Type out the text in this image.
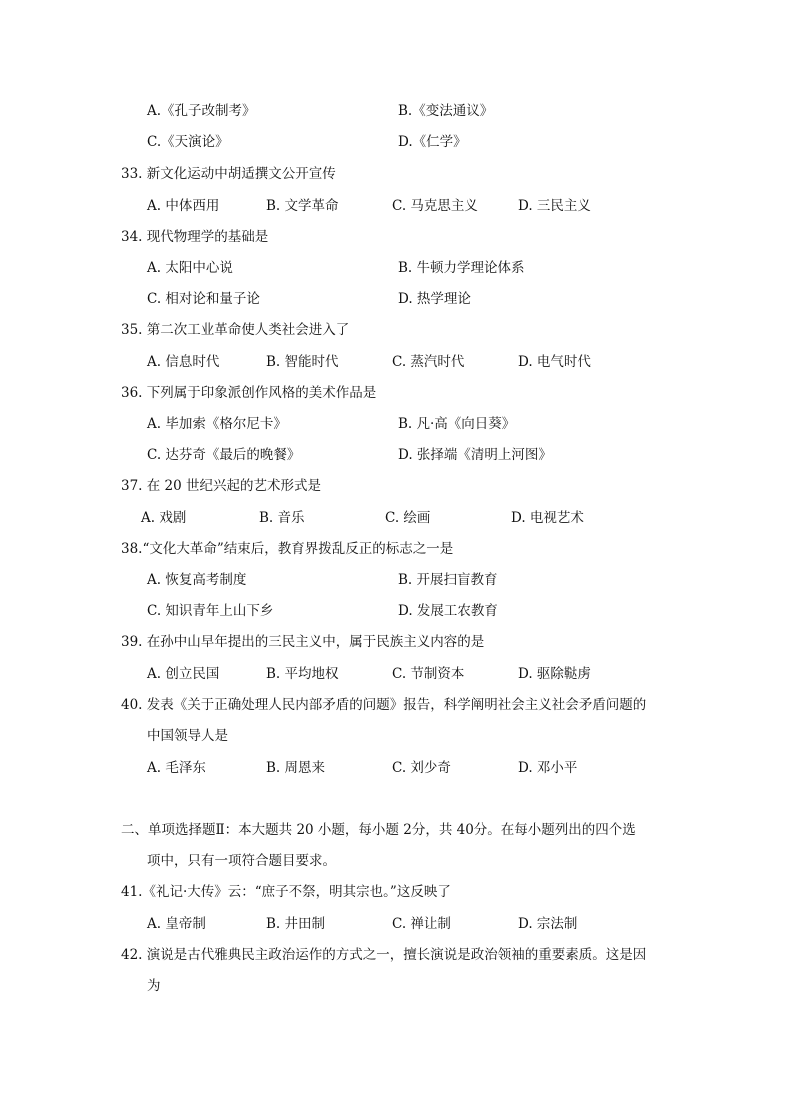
A.《孔子改制考》	B.《变法通议》
C.《天演论》	D.《仁学》
33. 新文化运动中胡适撰文公开宣传
A. 中体西用	B. 文学革命	C. 马克思主义	D. 三民主义
34. 现代物理学的基础是
A. 太阳中心说	B. 牛顿力学理论体系
C. 相对论和量子论	D. 热学理论
35. 第二次工业革命使人类社会进入了
A. 信息时代	B. 智能时代	C. 蒸汽时代	D. 电气时代
36. 下列属于印象派创作风格的美术作品是
A. 毕加索《格尔尼卡》	B. 凡·高《向日葵》
C. 达芬奇《最后的晚餐》	D. 张择端《清明上河图》
37. 在 20 世纪兴起的艺术形式是
A. 戏剧	B. 音乐	C. 绘画	D. 电视艺术
38.“文化大革命”结束后，教育界拨乱反正的标志之一是
A. 恢复高考制度	B. 开展扫盲教育
C. 知识青年上山下乡	D. 发展工农教育
39. 在孙中山早年提出的三民主义中，属于民族主义内容的是
A. 创立民国	B. 平均地权	C. 节制资本	D. 驱除鞑虏
40. 发表《关于正确处理人民内部矛盾的问题》报告，科学阐明社会主义社会矛盾问题的
中国领导人是
A. 毛泽东	B. 周恩来	C. 刘少奇	D. 邓小平
二、单项选择题Ⅱ：本大题共 20 小题，每小题 2分，共 40分。在每小题列出的四个选
项中，只有一项符合题目要求。
41.《礼记·大传》云：“庶子不祭，明其宗也。”这反映了
A. 皇帝制	B. 井田制	C. 禅让制	D. 宗法制
42. 演说是古代雅典民主政治运作的方式之一，擅长演说是政治领袖的重要素质。这是因
为
